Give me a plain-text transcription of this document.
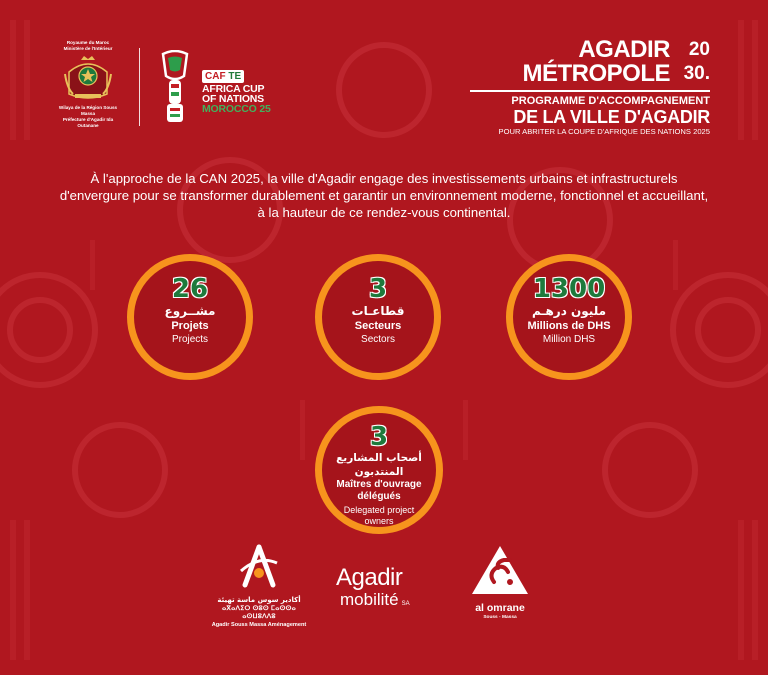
Royaume du Maroc
Ministère de l'Intérieur
Wilaya de la Région Souss Massa
Préfecture d'Agadir Ida Outanane
CAF TE
AFRICA CUP
OF NATIONS
MOROCCO 25
AGADIR 20
MÉTROPOLE 30.
PROGRAMME D'ACCOMPAGNEMENT
DE LA VILLE D'AGADIR
POUR ABRITER LA COUPE D'AFRIQUE DES NATIONS 2025
À l'approche de la CAN 2025, la ville d'Agadir engage des investissements urbains et infrastructurels d'envergure pour se transformer durablement et garantir un environnement moderne, fonctionnel et accueillant, à la hauteur de ce rendez-vous continental.
26
مشــروع
Projets
Projects
3
قطاعـات
Secteurs
Sectors
1300
مليون درهـم
Millions de DHS
Million DHS
3
أصحاب المشاريع المنتدبون
Maîtres d'ouvrage délégués
Delegated project owners
أكادير سوس ماسة تهيئة
ⴰⴳⴰⴷⵉⵔ ⵙⵓⵙ ⵎⴰⵙⵙⴰ ⴰⵙⵡⵓⴷⴷⵓ
Agadir Souss Massa Aménagement
Agadir
mobilité SA	al omrane
Souss - Massa
